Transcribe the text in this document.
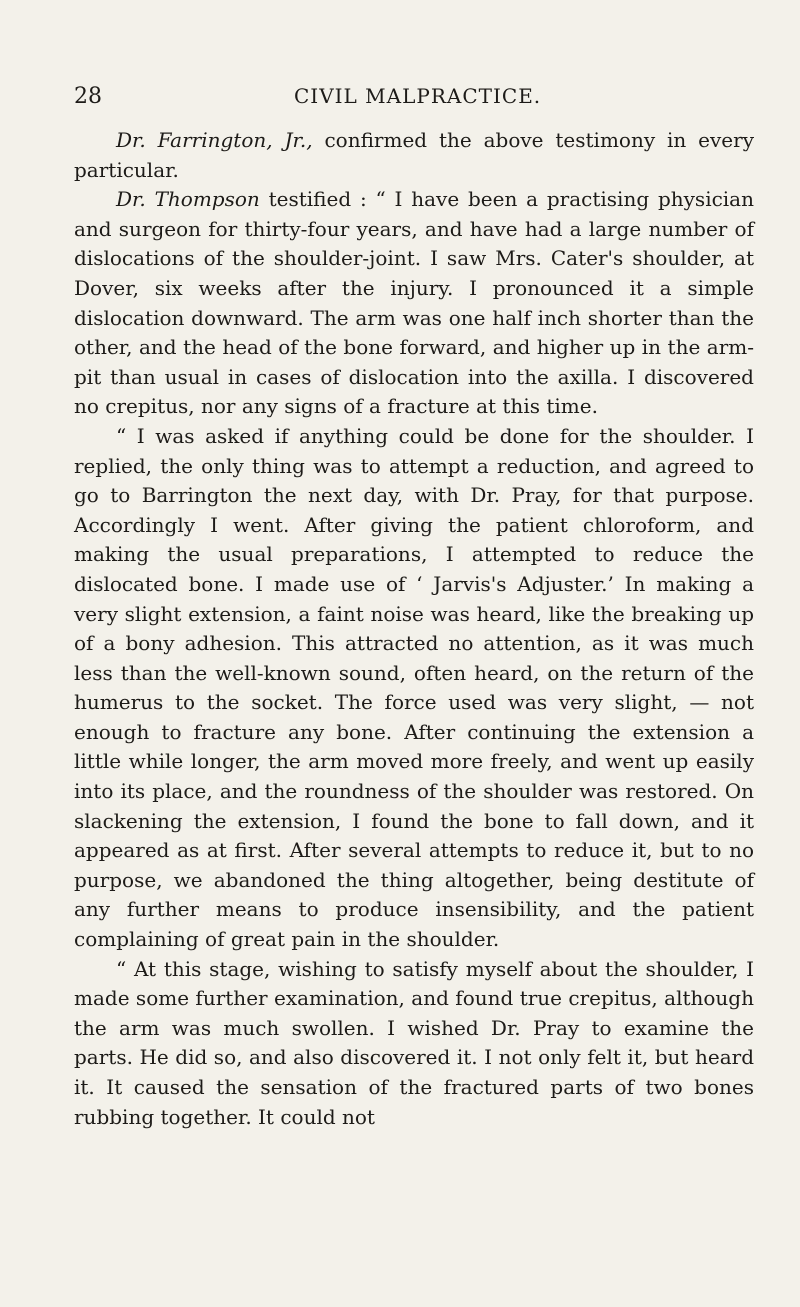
28	CIVIL MALPRACTICE.

Dr. Farrington, Jr., confirmed the above testimony in every particular.

Dr. Thompson testified : “ I have been a practising physician and surgeon for thirty-four years, and have had a large number of dislocations of the shoulder-joint. I saw Mrs. Cater's shoulder, at Dover, six weeks after the injury. I pronounced it a simple dislocation downward. The arm was one half inch shorter than the other, and the head of the bone forward, and higher up in the arm-pit than usual in cases of dislocation into the axilla. I discovered no crepitus, nor any signs of a fracture at this time.

“ I was asked if anything could be done for the shoulder. I replied, the only thing was to attempt a reduction, and agreed to go to Barrington the next day, with Dr. Pray, for that purpose. Accordingly I went. After giving the patient chloroform, and making the usual preparations, I attempted to reduce the dislocated bone. I made use of ‘ Jarvis's Adjuster.’ In making a very slight extension, a faint noise was heard, like the breaking up of a bony adhesion. This attracted no attention, as it was much less than the well-known sound, often heard, on the return of the humerus to the socket. The force used was very slight, — not enough to fracture any bone. After continuing the extension a little while longer, the arm moved more freely, and went up easily into its place, and the roundness of the shoulder was restored. On slackening the extension, I found the bone to fall down, and it appeared as at first. After several attempts to reduce it, but to no purpose, we abandoned the thing altogether, being destitute of any further means to produce insensibility, and the patient complaining of great pain in the shoulder.

“ At this stage, wishing to satisfy myself about the shoulder, I made some further examination, and found true crepitus, although the arm was much swollen. I wished Dr. Pray to examine the parts. He did so, and also discovered it. I not only felt it, but heard it. It caused the sensation of the fractured parts of two bones rubbing together. It could not
